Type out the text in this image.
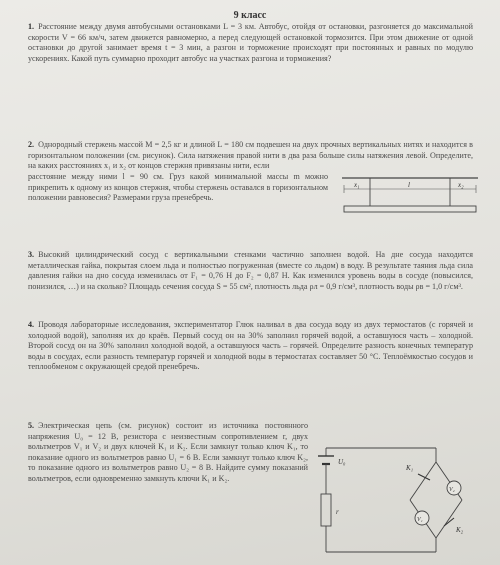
9 класс
1. Расстояние между двумя автобусными остановками L = 3 км. Автобус, отойдя от остановки, разгоняется до максимальной скорости V = 66 км/ч, затем движется равномерно, а перед следующей остановкой тормозится. При этом движение от одной остановки до другой занимает время t = 3 мин, а разгон и торможение происходят при постоянных и равных по модулю ускорениях. Какой путь суммарно проходит автобус на участках разгона и торможения?
2. Однородный стержень массой M = 2,5 кг и длиной L = 180 см подвешен на двух прочных вертикальных нитях и находится в горизонтальном положении (см. рисунок). Сила натяжения правой нити в два раза больше силы натяжения левой. Определите, на каких расстояниях x₁ и x₂ от концов стержня привязаны нити, если
расстояние между ними l = 90 см. Груз какой минимальной массы m можно прикрепить к одному из концов стержня, чтобы стержень оставался в горизонтальном положении равновесия? Размерами груза пренебречь.
x₁	l	x₂
3. Высокий цилиндрический сосуд с вертикальными стенками частично заполнен водой. На дне сосуда находится металлическая гайка, покрытая слоем льда и полностью погруженная (вместе со льдом) в воду. В результате таяния льда сила давления гайки на дно сосуда изменилась от F₁ = 0,76 Н до F₂ = 0,87 Н. Как изменился уровень воды в сосуде (повысился, понизился, …) и на сколько? Площадь сечения сосуда S = 55 см², плотность льда ρл = 0,9 г/см³, плотность воды ρв = 1,0 г/см³.
4. Проводя лабораторные исследования, экспериментатор Глюк наливал в два сосуда воду из двух термостатов (с горячей и холодной водой), заполняя их до краёв. Первый сосуд он на 30% заполнил горячей водой, а оставшуюся часть – холодной. Второй сосуд он на 30% заполнил холодной водой, а оставшуюся часть – горячей. Определите разность конечных температур воды в сосудах, если разность температур горячей и холодной воды в термостатах составляет 50 °С. Теплоёмкостью сосудов и теплообменом с окружающей средой пренебречь.
5. Электрическая цепь (см. рисунок) состоит из источника постоянного напряжения U₀ = 12 В, резистора с неизвестным сопротивлением r, двух вольтметров V₁ и V₂ и двух ключей K₁ и K₂. Если замкнут только ключ K₁, то показание одного из вольтметров равно U₁ = 6 В. Если замкнут только ключ K₂, то показание одного из вольтметров равно U₂ = 8 В. Найдите сумму показаний вольтметров, если одновременно замкнуть ключи K₁ и K₂.
U₀
r
K₁
V₂
V₁
K₂
